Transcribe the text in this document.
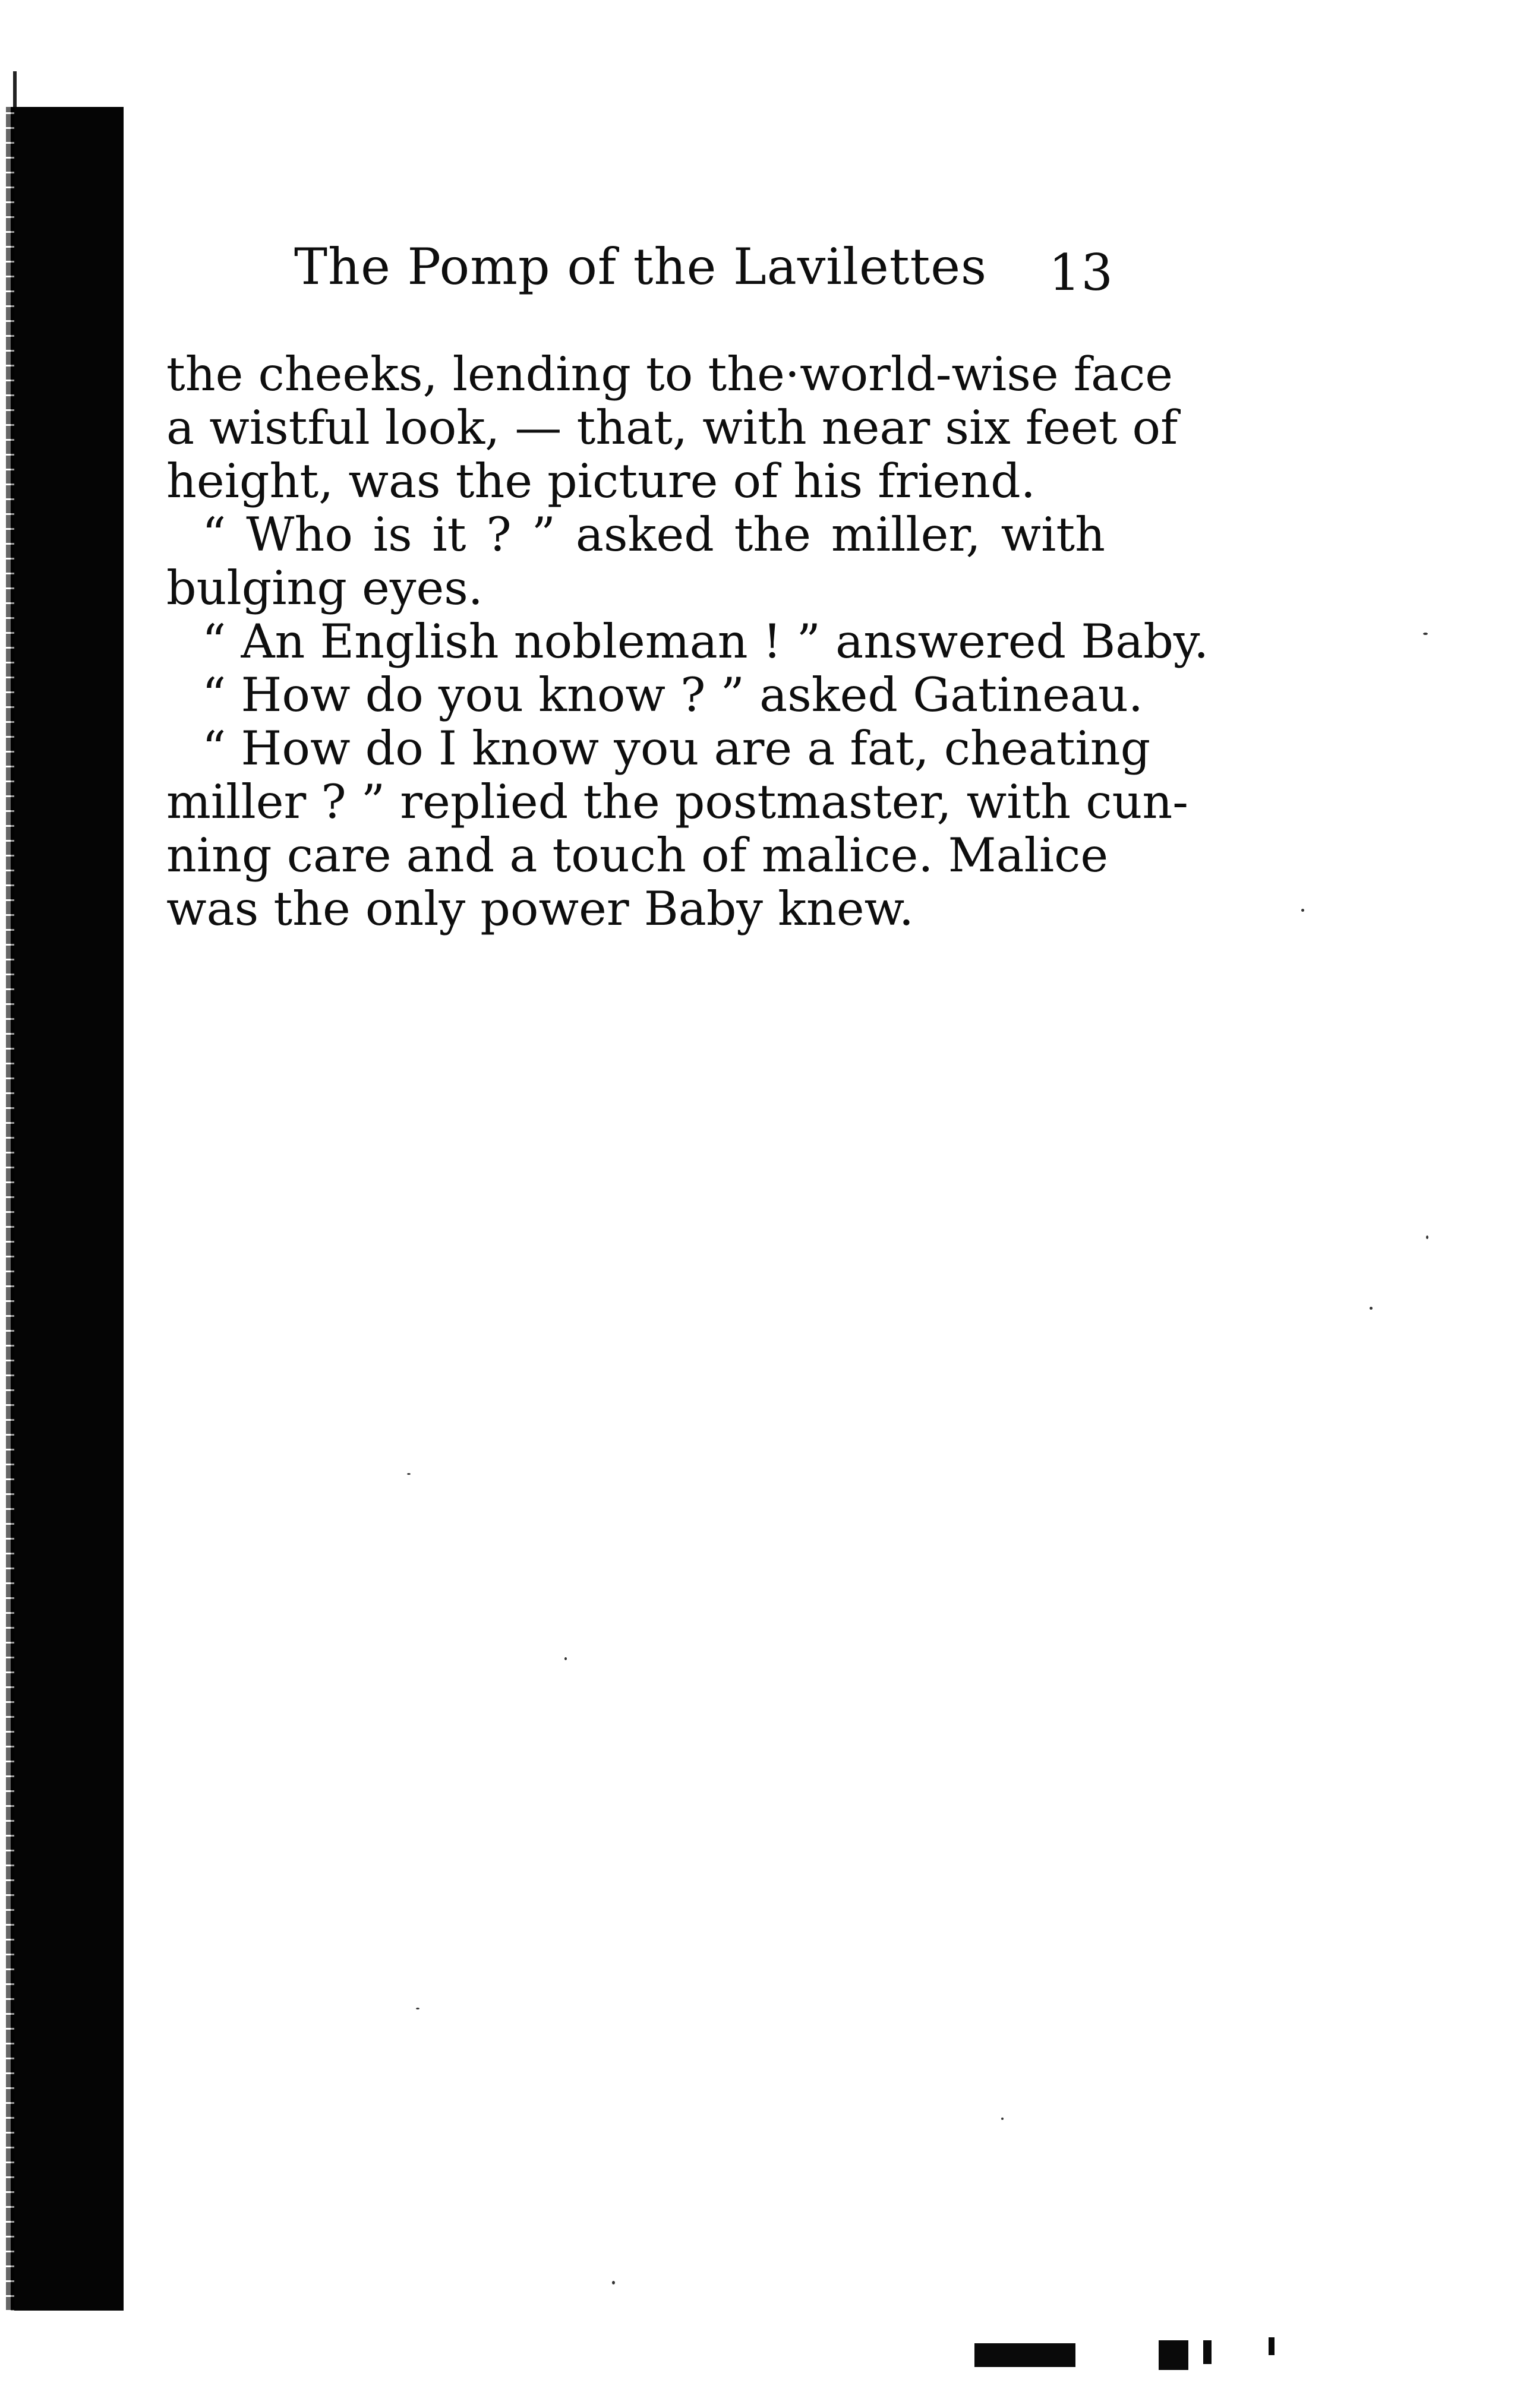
The Pomp of the Lavilettes 13
the cheeks, lending to the·world-wise face
a wistful look, — that, with near six feet of
height, was the picture of his friend.
“ Who is it ? ” asked the miller, with
bulging eyes.
“ An English nobleman ! ” answered Baby.
“ How do you know ? ” asked Gatineau.
“ How do I know you are a fat, cheating
miller ? ” replied the postmaster, with cun-
ning care and a touch of malice. Malice
was the only power Baby knew.
